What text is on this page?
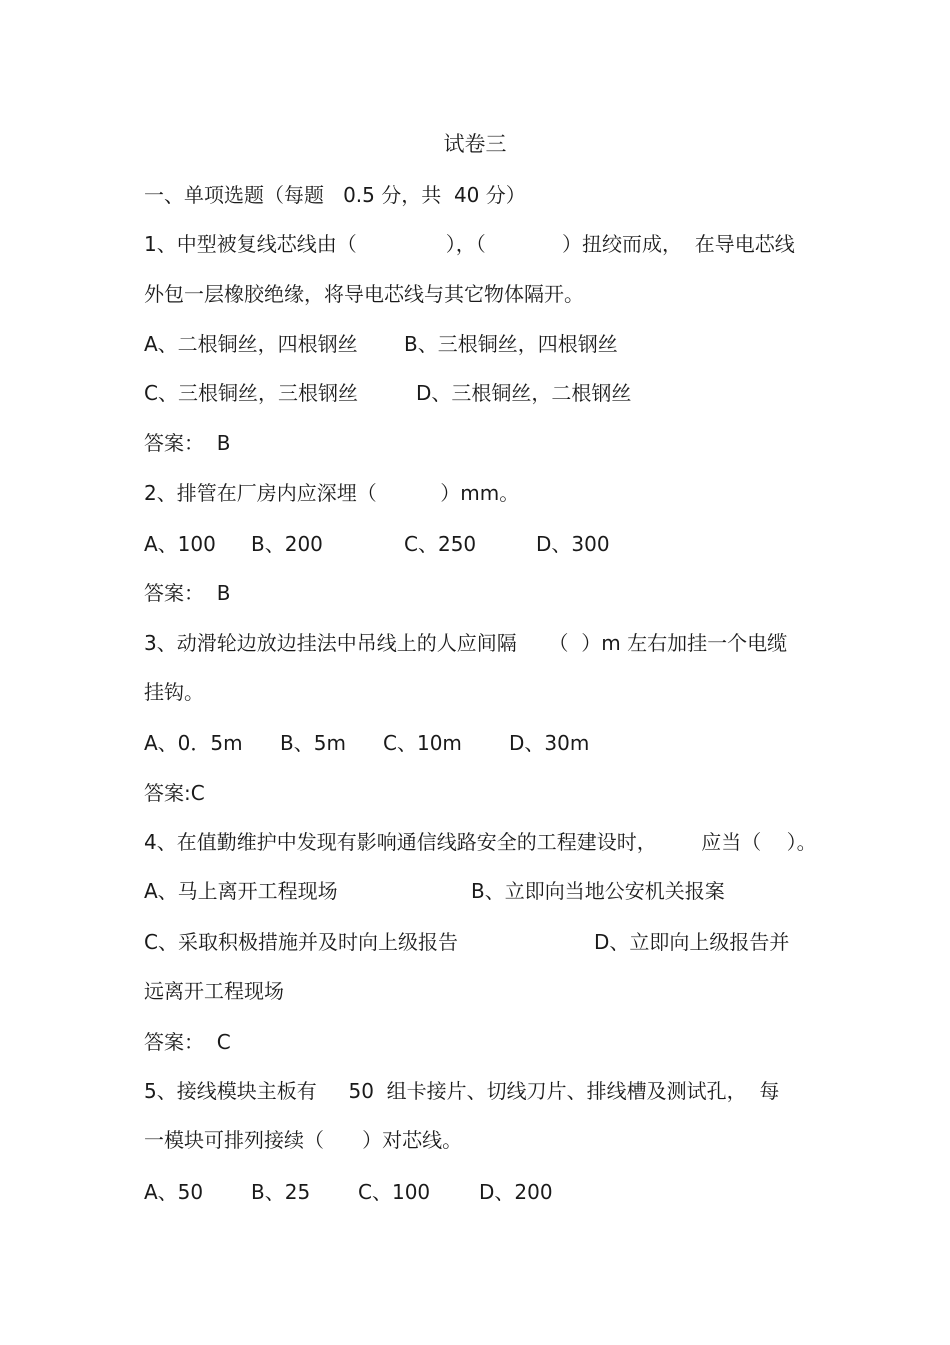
试卷三
一、单项选题（每题   0.5 分，共  40 分）
1、中型被复线芯线由（              ），（            ）扭绞而成，  在导电芯线
外包一层橡胶绝缘，将导电芯线与其它物体隔开。
A、二根铜丝，四根钢丝 B、三根铜丝，四根钢丝
C、三根铜丝，三根钢丝	D、三根铜丝，二根钢丝
答案：  B
2、排管在厂房内应深埋（          ）mm。
A、100 B、200	C、250	D、300
答案：  B
3、动滑轮边放边挂法中吊线上的人应间隔     （  ）m 左右加挂一个电缆
挂钩。
A、0．5m B、5m C、10m D、30m
答案:C
4、在值勤维护中发现有影响通信线路安全的工程建设时，       应当（    ）。
A、马上离开工程现场	B、立即向当地公安机关报案
C、采取积极措施并及时向上级报告	D、立即向上级报告并
远离开工程现场
答案：  C
5、接线模块主板有     50  组卡接片、切线刀片、排线槽及测试孔，  每
一模块可排列接续（      ）对芯线。
A、50 B、25 C、100 D、200
